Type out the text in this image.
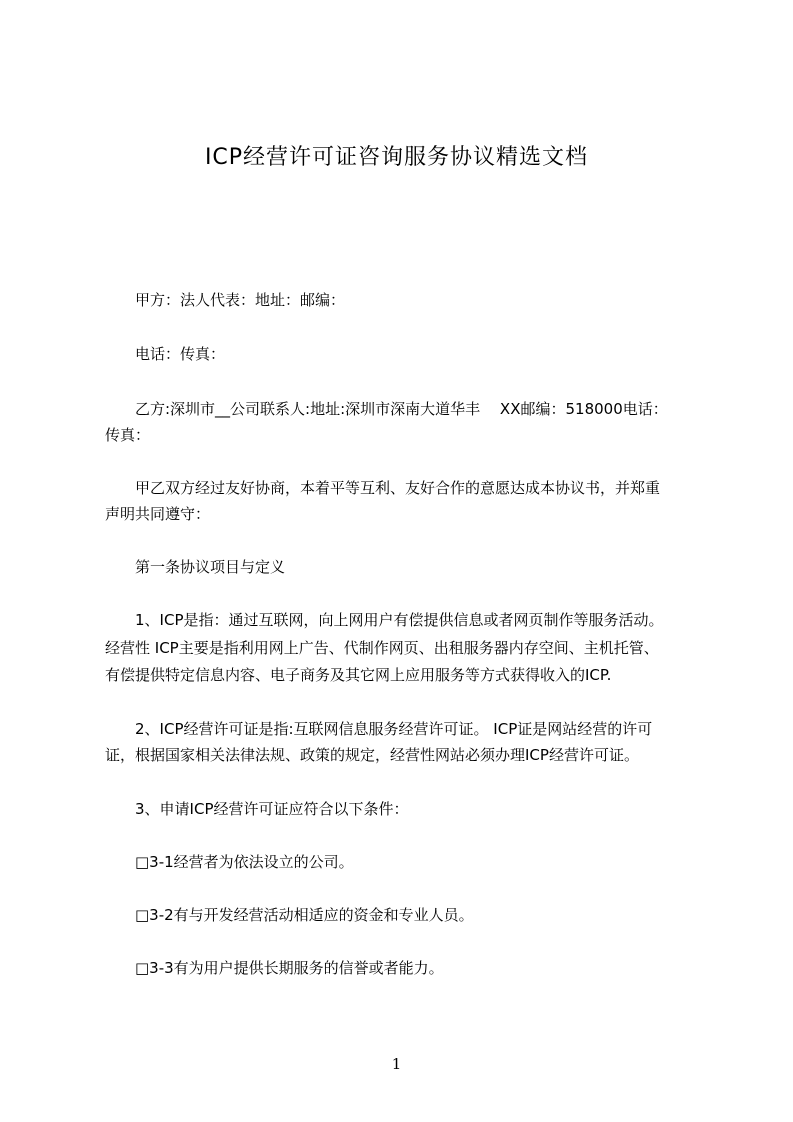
ICP经营许可证咨询服务协议精选文档
　　甲方：法人代表：地址：邮编：
　　电话：传真：
　　乙方:深圳市__公司联系人:地址:深圳市深南大道华丰　 XX邮编：518000电话：
传真：
　　甲乙双方经过友好协商，本着平等互利、友好合作的意愿达成本协议书，并郑重
声明共同遵守：
　　第一条协议项目与定义
　　1、ICP是指：通过互联网，向上网用户有偿提供信息或者网页制作等服务活动。
经营性 ICP主要是指利用网上广告、代制作网页、出租服务器内存空间、主机托管、
有偿提供特定信息内容、电子商务及其它网上应用服务等方式获得收入的ICP.
　　2、ICP经营许可证是指:互联网信息服务经营许可证。 ICP证是网站经营的许可
证，根据国家相关法律法规、政策的规定，经营性网站必须办理ICP经营许可证。
　　3、申请ICP经营许可证应符合以下条件：
　　□3-1经营者为依法设立的公司。
　　□3-2有与开发经营活动相适应的资金和专业人员。
　　□3-3有为用户提供长期服务的信誉或者能力。
1
